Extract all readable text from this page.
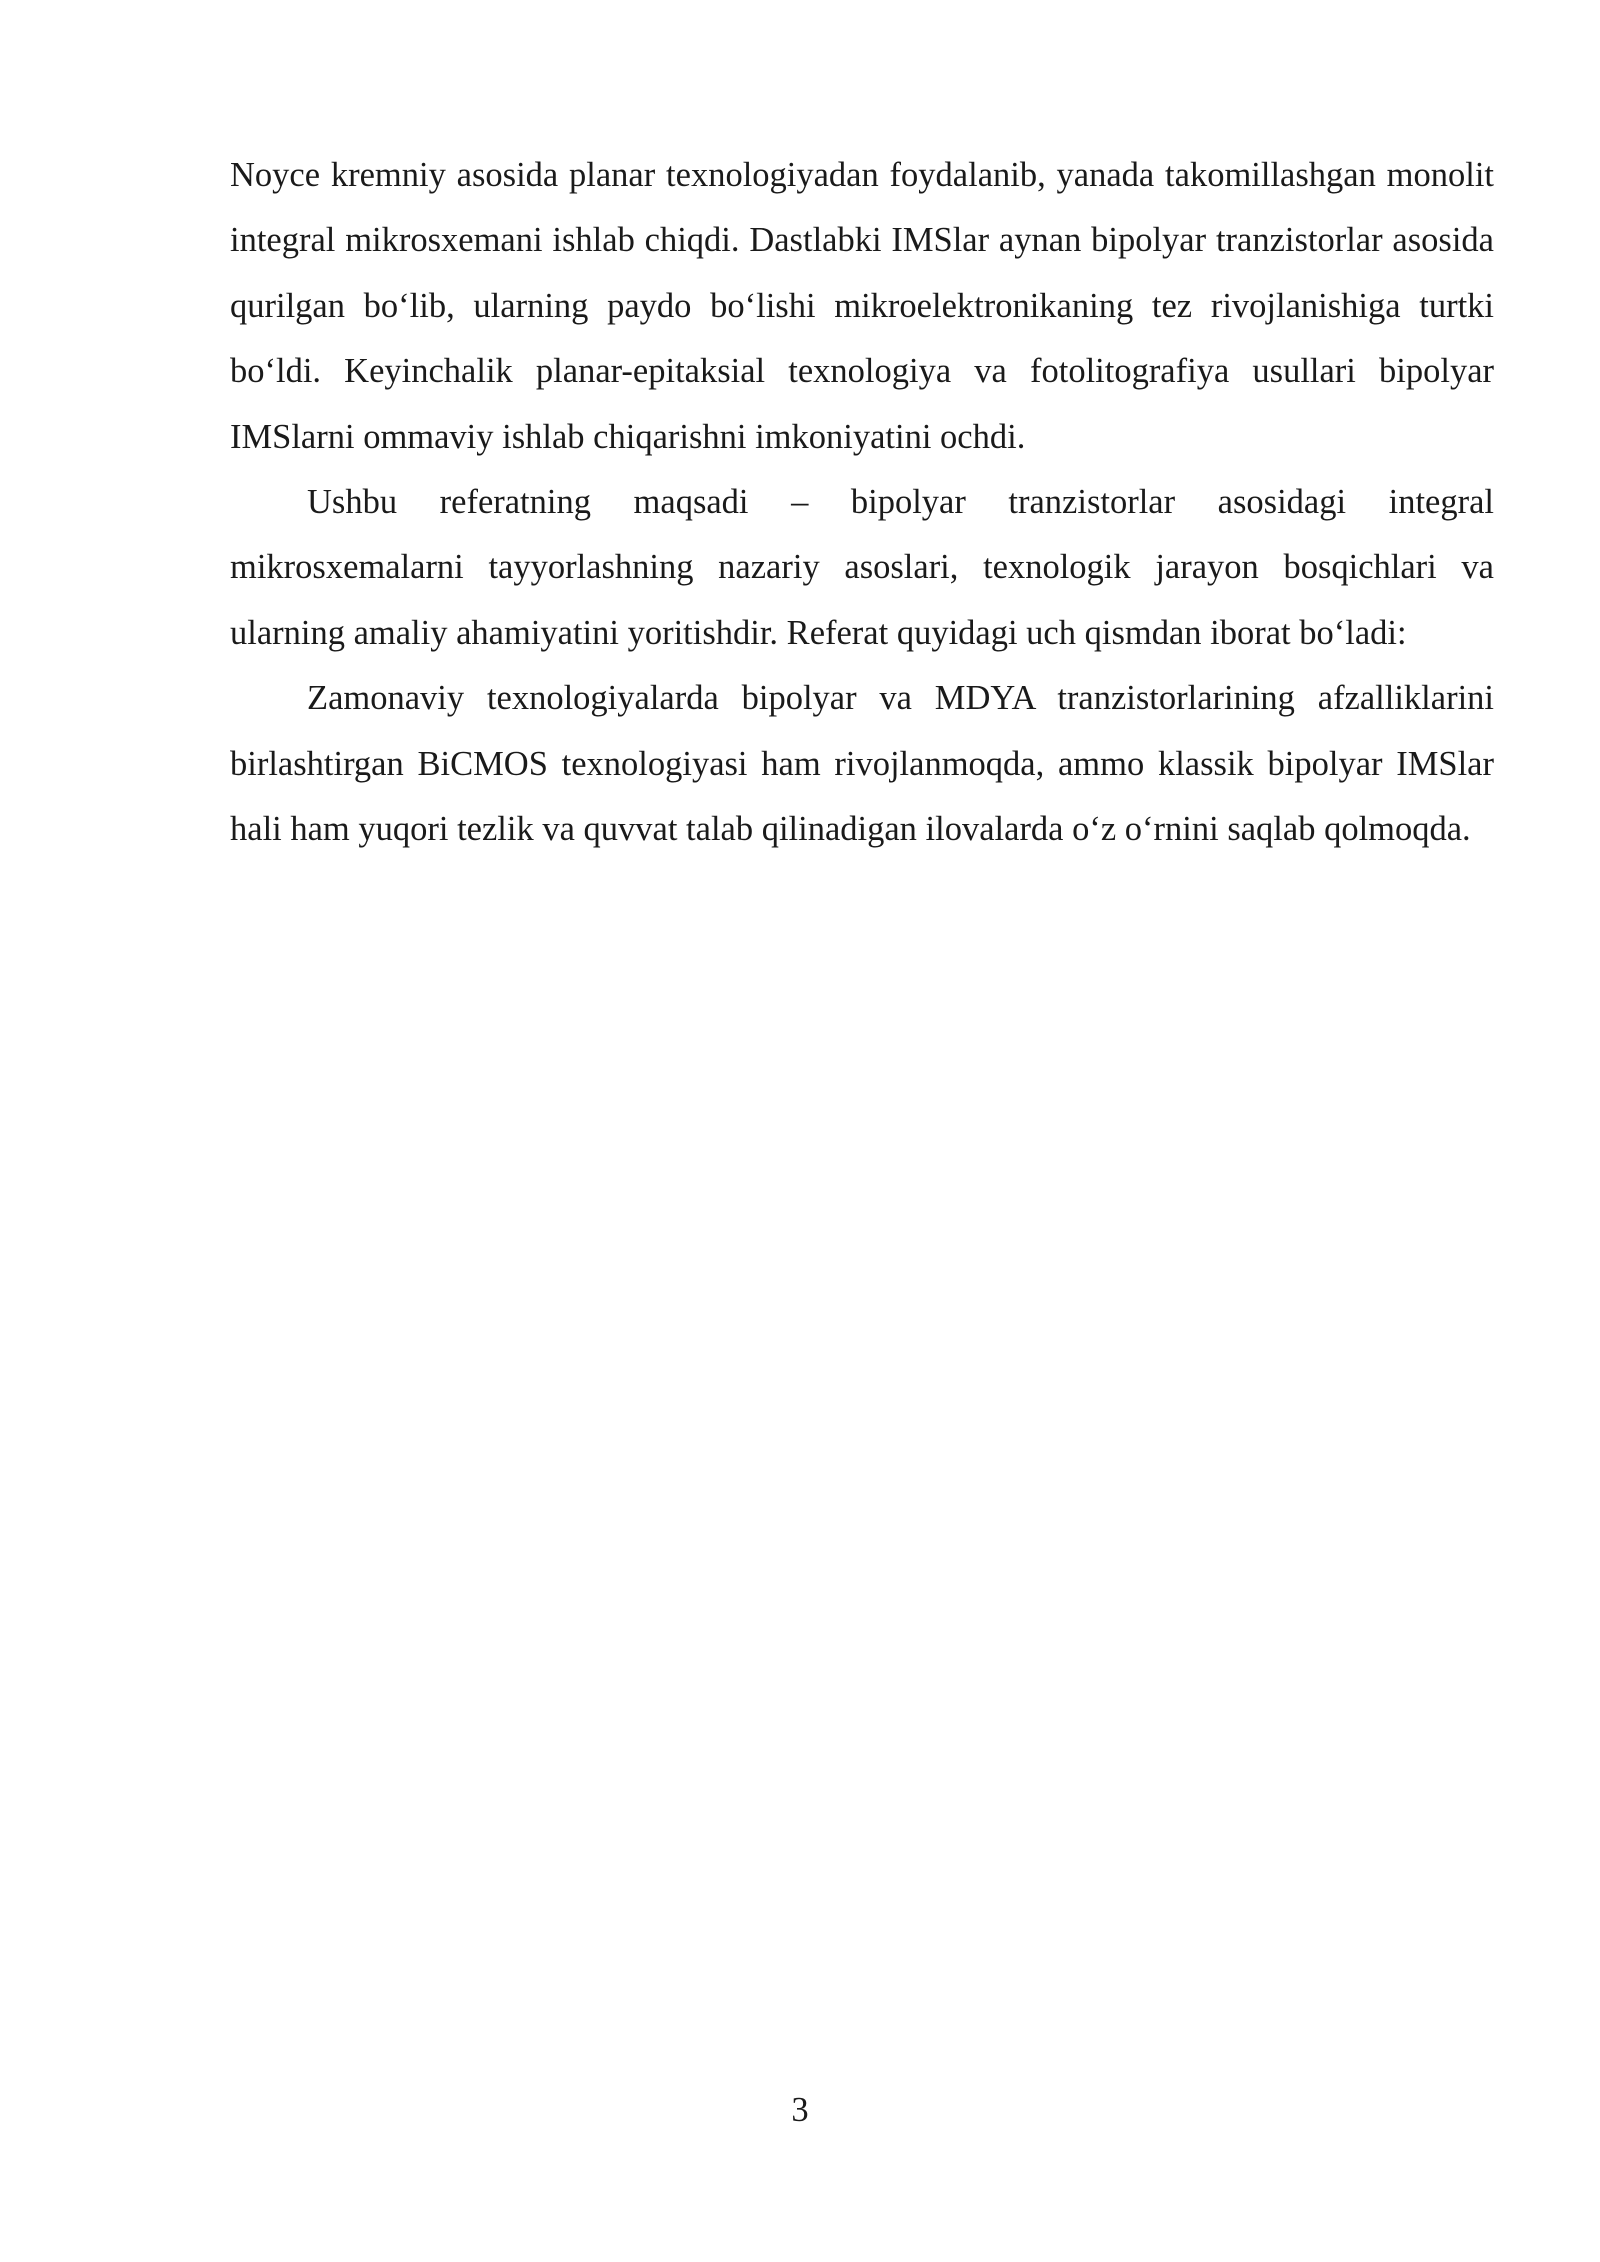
Noyce kremniy asosida planar texnologiyadan foydalanib, yanada takomillashgan monolit integral mikrosxemani ishlab chiqdi. Dastlabki IMSlar aynan bipolyar tranzistorlar asosida qurilgan bo‘lib, ularning paydo bo‘lishi mikroelektronikaning tez rivojlanishiga turtki bo‘ldi. Keyinchalik planar-epitaksial texnologiya va fotolitografiya usullari bipolyar IMSlarni ommaviy ishlab chiqarishni imkoniyatini ochdi.

Ushbu referatning maqsadi – bipolyar tranzistorlar asosidagi integral mikrosxemalarni tayyorlashning nazariy asoslari, texnologik jarayon bosqichlari va ularning amaliy ahamiyatini yoritishdir. Referat quyidagi uch qismdan iborat bo‘ladi:

Zamonaviy texnologiyalarda bipolyar va MDYA tranzistorlarining afzalliklarini birlashtirgan BiCMOS texnologiyasi ham rivojlanmoqda, ammo klassik bipolyar IMSlar hali ham yuqori tezlik va quvvat talab qilinadigan ilovalarda o‘z o‘rnini saqlab qolmoqda.

3
